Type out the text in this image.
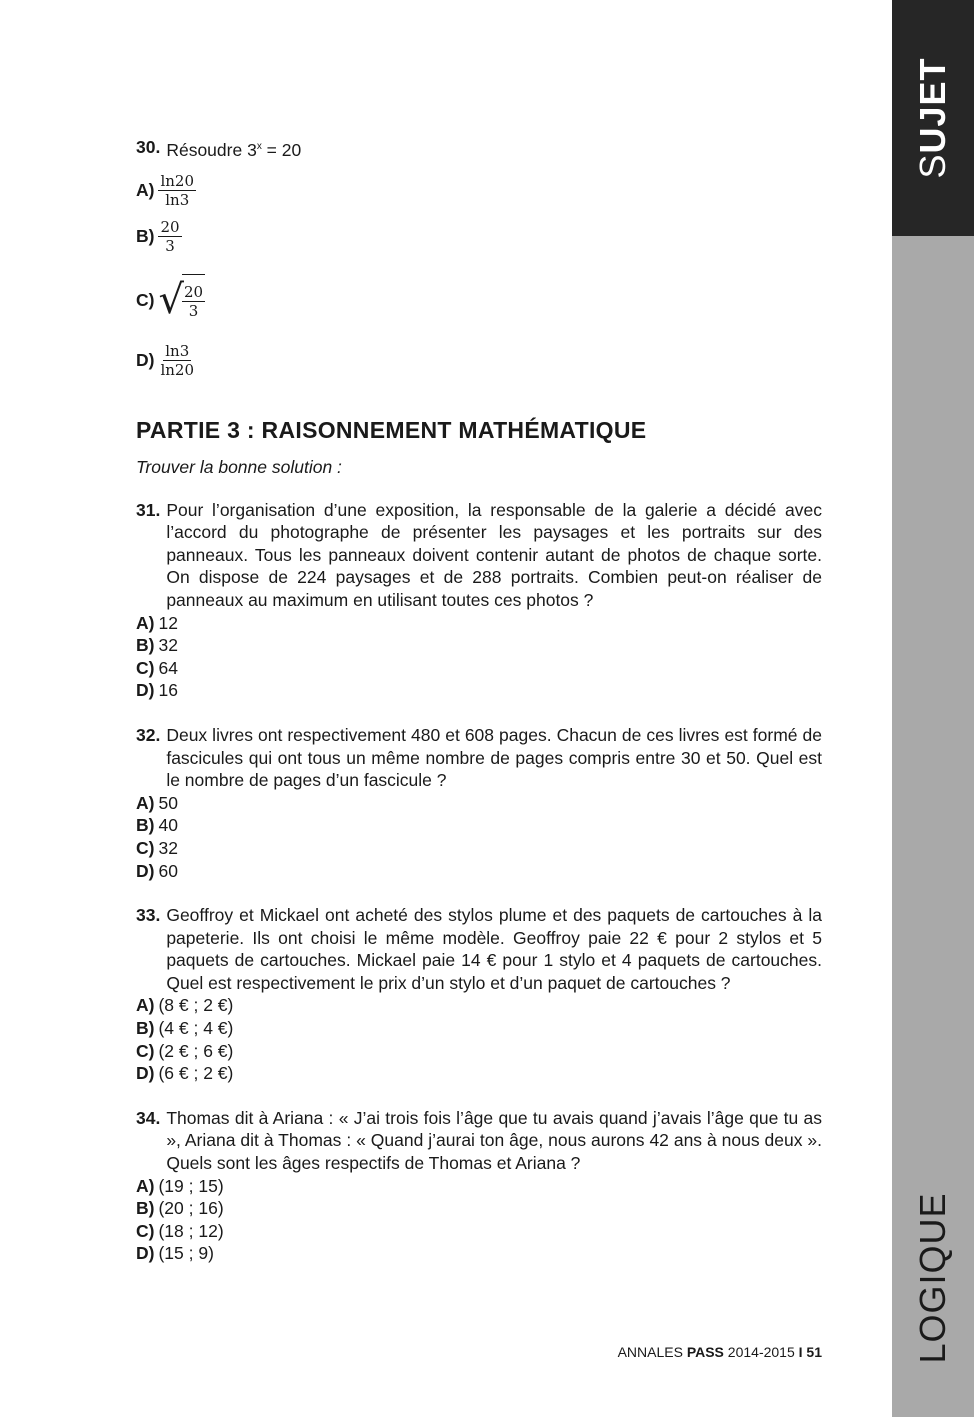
SUJET
LOGIQUE
30. Résoudre $3^x = 20$
$A) \frac{\ln 20}{\ln 3}$
$B) \frac{20}{3}$
C) √
$\frac{20}{3}$
$D) \frac{\ln 3}{\ln 20}$
PARTIE 3 : RAISONNEMENT MATHÉMATIQUE
Trouver la bonne solution :
31. Pour l’organisation d’une exposition, la responsable de la galerie a décidé avec l’accord du photographe de présenter les paysages et les portraits sur des panneaux. Tous les panneaux doivent contenir autant de photos de chaque sorte. On dispose de 224 paysages et de 288 portraits. Combien peut-on réaliser de panneaux au maximum en utilisant toutes ces photos ?
A) 12
B) 32
C) 64
D) 16
32. Deux livres ont respectivement 480 et 608 pages. Chacun de ces livres est formé de fascicules qui ont tous un même nombre de pages compris entre 30 et 50. Quel est le nombre de pages d’un fascicule ?
A) 50
B) 40
C) 32
D) 60
33. Geoffroy et Mickael ont acheté des stylos plume et des paquets de cartouches à la papeterie. Ils ont choisi le même modèle. Geoffroy paie 22 € pour 2 stylos et 5 paquets de cartouches. Mickael paie 14 € pour 1 stylo et 4 paquets de cartouches. Quel est respectivement le prix d’un stylo et d’un paquet de cartouches ?
A) (8 € ; 2 €)
B) (4 € ; 4 €)
C) (2 € ; 6 €)
D) (6 € ; 2 €)
34. Thomas dit à Ariana : « J’ai trois fois l’âge que tu avais quand j’avais l’âge que tu as », Ariana dit à Thomas : « Quand j’aurai ton âge, nous aurons 42 ans à nous deux ». Quels sont les âges respectifs de Thomas et Ariana ?
A) (19 ; 15)
B) (20 ; 16)
C) (18 ; 12)
D) (15 ; 9)
ANNALES PASS 2014-2015 I 51
